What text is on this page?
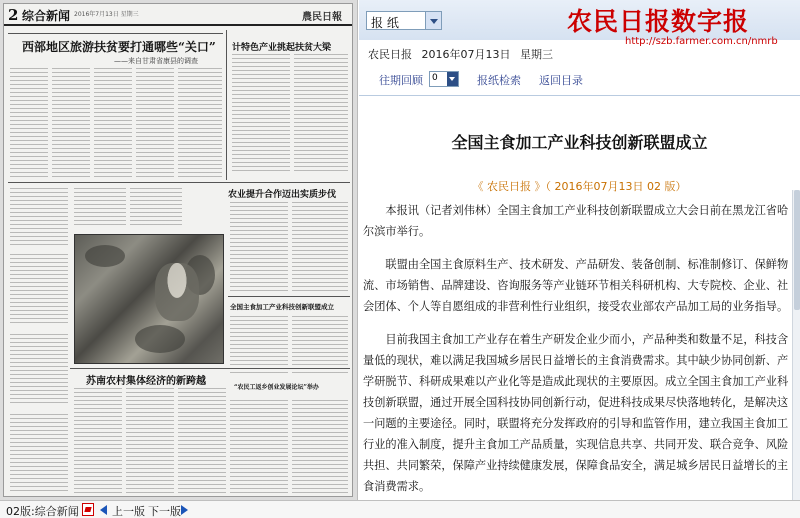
2 综合新闻 2016年7月13日 星期三	農民日報
西部地区旅游扶贫要打通哪些“关口”
——来自甘肃省康县的调查
计特色产业挑起扶贫大梁
农业提升合作迈出实质步伐
全国主食加工产业科技创新联盟成立
苏南农村集体经济的新跨越
“农民工返乡创业发展论坛”举办
报 纸	农民日报数字报
http://szb.farmer.com.cn/nmrb
农民日报 2016年07月13日 星期三
往期回顾 0	报纸检索 返回目录
全国主食加工产业科技创新联盟成立
《 农民日报 》（ 2016年07月13日 02 版）

本报讯（记者刘伟林）全国主食加工产业科技创新联盟成立大会日前在黑龙江省哈尔滨市举行。

联盟由全国主食原料生产、技术研发、产品研发、装备创制、标准制修订、保鲜物流、市场销售、品牌建设、咨询服务等产业链环节相关科研机构、大专院校、企业、社会团体、个人等自愿组成的非营利性行业组织，接受农业部农产品加工局的业务指导。

目前我国主食加工产业存在着生产研发企业少而小，产品种类和数量不足，科技含量低的现状，难以满足我国城乡居民日益增长的主食消费需求。其中缺少协同创新、产学研脱节、科研成果难以产业化等是造成此现状的主要原因。成立全国主食加工产业科技创新联盟，通过开展全国科技协同创新行动，促进科技成果尽快落地转化，是解决这一问题的主要途径。同时，联盟将充分发挥政府的引导和监管作用，建立我国主食加工行业的准入制度，提升主食加工产品质量，实现信息共享、共同开发、联合竞争、风险共担、共同繁荣，保障产业持续健康发展，保障食品安全，满足城乡居民日益增长的主食消费需求。

02版:综合新闻	上一版 下一版
